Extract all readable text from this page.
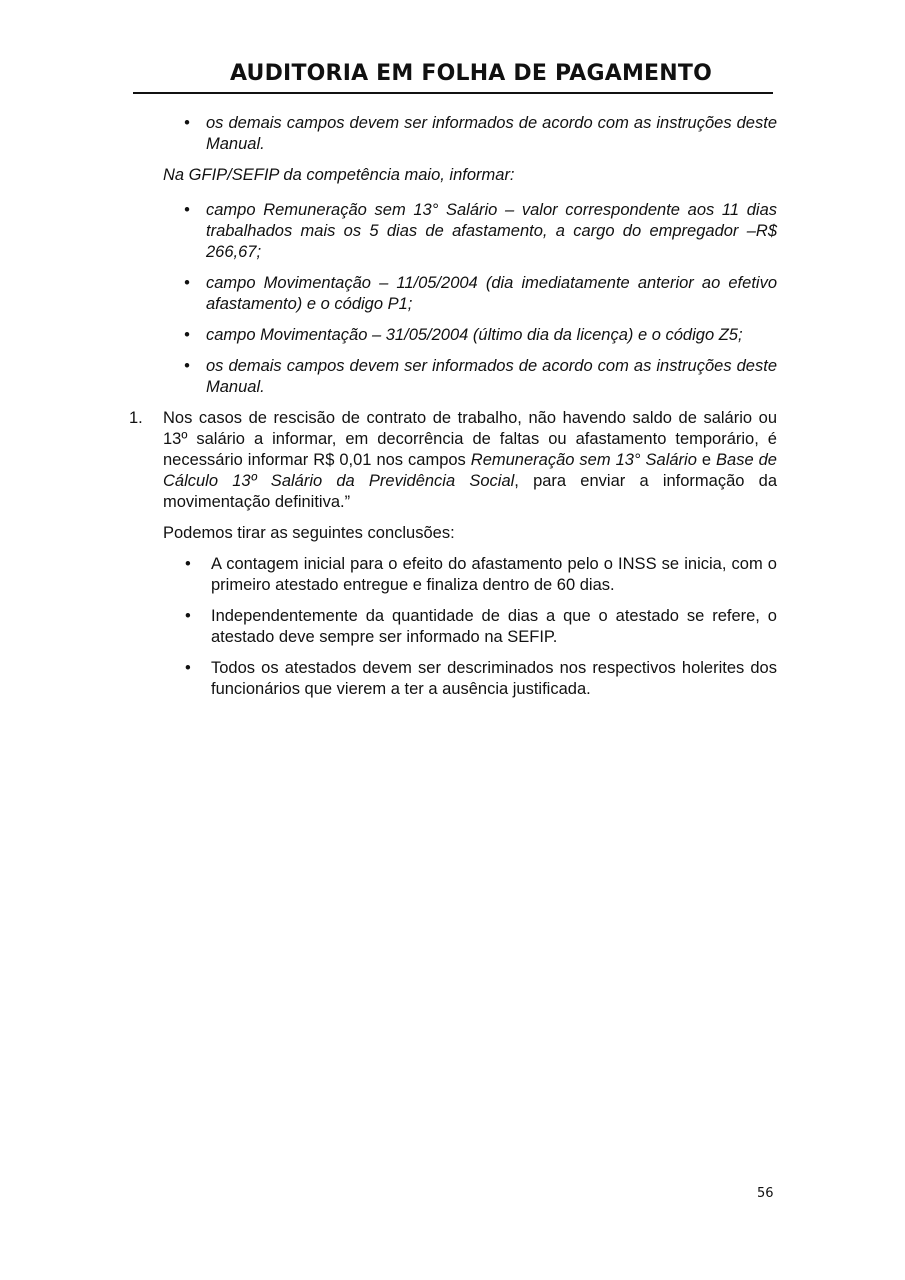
AUDITORIA EM FOLHA DE PAGAMENTO
• os demais campos devem ser informados de acordo com as instruções deste Manual.

Na GFIP/SEFIP da competência maio, informar:

• campo Remuneração sem 13° Salário – valor correspondente aos 11 dias trabalhados mais os 5 dias de afastamento, a cargo do empregador –R$ 266,67;
• campo Movimentação – 11/05/2004 (dia imediatamente anterior ao efetivo afastamento) e o código P1;
• campo Movimentação – 31/05/2004 (último dia da licença) e o código Z5;
• os demais campos devem ser informados de acordo com as instruções deste Manual.
1. Nos casos de rescisão de contrato de trabalho, não havendo saldo de salário ou 13º salário a informar, em decorrência de faltas ou afastamento temporário, é necessário informar R$ 0,01 nos campos Remuneração sem 13° Salário e Base de Cálculo 13º Salário da Previdência Social, para enviar a informação da movimentação definitiva.”

Podemos tirar as seguintes conclusões:

• A contagem inicial para o efeito do afastamento pelo o INSS se inicia, com o primeiro atestado entregue e finaliza dentro de 60 dias.
• Independentemente da quantidade de dias a que o atestado se refere, o atestado deve sempre ser informado na SEFIP.
• Todos os atestados devem ser descriminados nos respectivos holerites dos funcionários que vierem a ter a ausência justificada.
56
